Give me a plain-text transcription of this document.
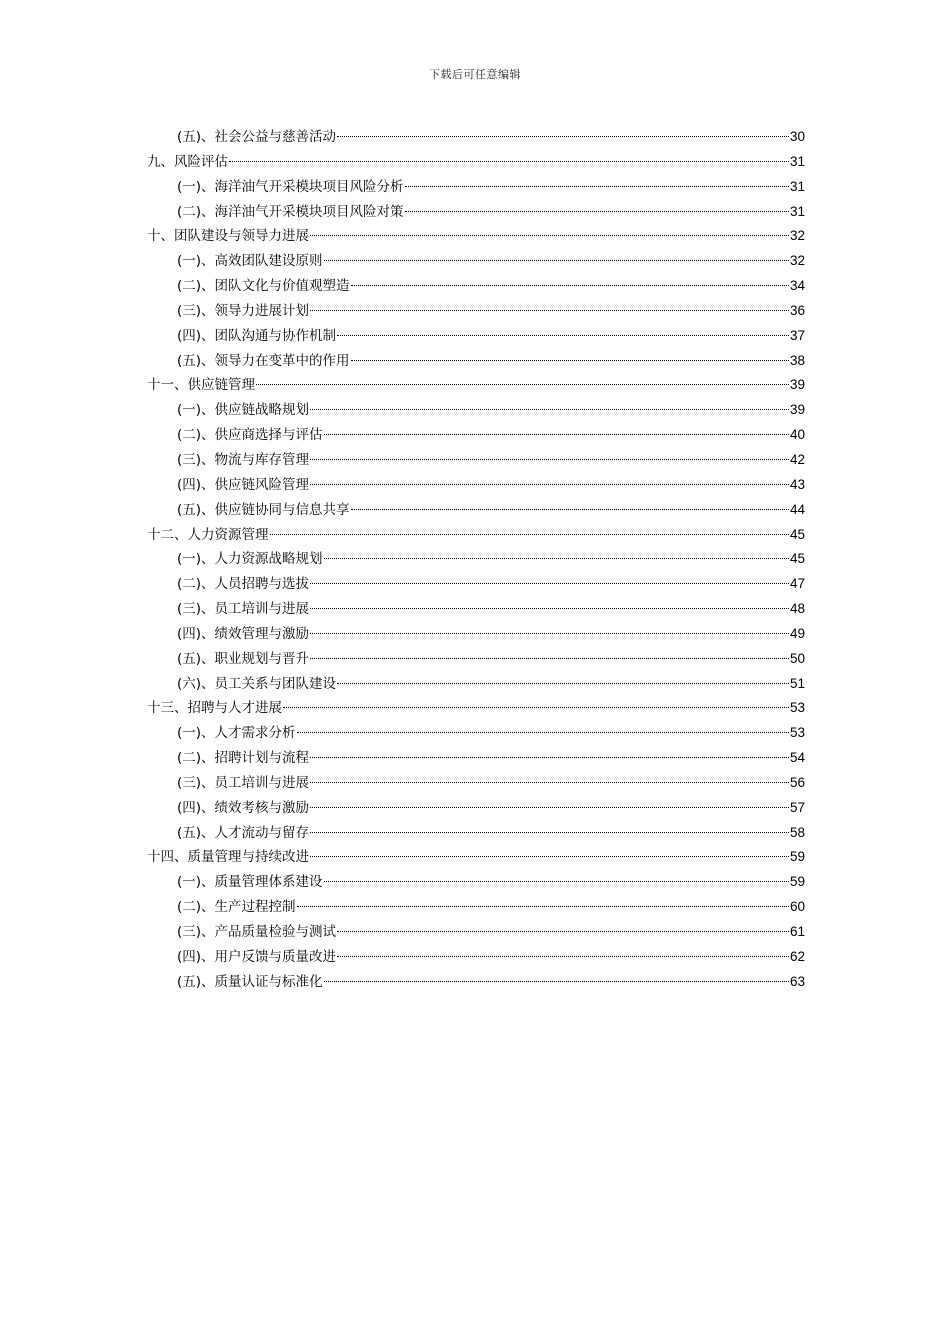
下载后可任意编辑
(五)、社会公益与慈善活动	30
九、风险评估	31
(一)、海洋油气开采模块项目风险分析	31
(二)、海洋油气开采模块项目风险对策	31
十、团队建设与领导力进展	32
(一)、高效团队建设原则	32
(二)、团队文化与价值观塑造	34
(三)、领导力进展计划	36
(四)、团队沟通与协作机制	37
(五)、领导力在变革中的作用	38
十一、供应链管理	39
(一)、供应链战略规划	39
(二)、供应商选择与评估	40
(三)、物流与库存管理	42
(四)、供应链风险管理	43
(五)、供应链协同与信息共享	44
十二、人力资源管理	45
(一)、人力资源战略规划	45
(二)、人员招聘与选拔	47
(三)、员工培训与进展	48
(四)、绩效管理与激励	49
(五)、职业规划与晋升	50
(六)、员工关系与团队建设	51
十三、招聘与人才进展	53
(一)、人才需求分析	53
(二)、招聘计划与流程	54
(三)、员工培训与进展	56
(四)、绩效考核与激励	57
(五)、人才流动与留存	58
十四、质量管理与持续改进	59
(一)、质量管理体系建设	59
(二)、生产过程控制	60
(三)、产品质量检验与测试	61
(四)、用户反馈与质量改进	62
(五)、质量认证与标准化	63
